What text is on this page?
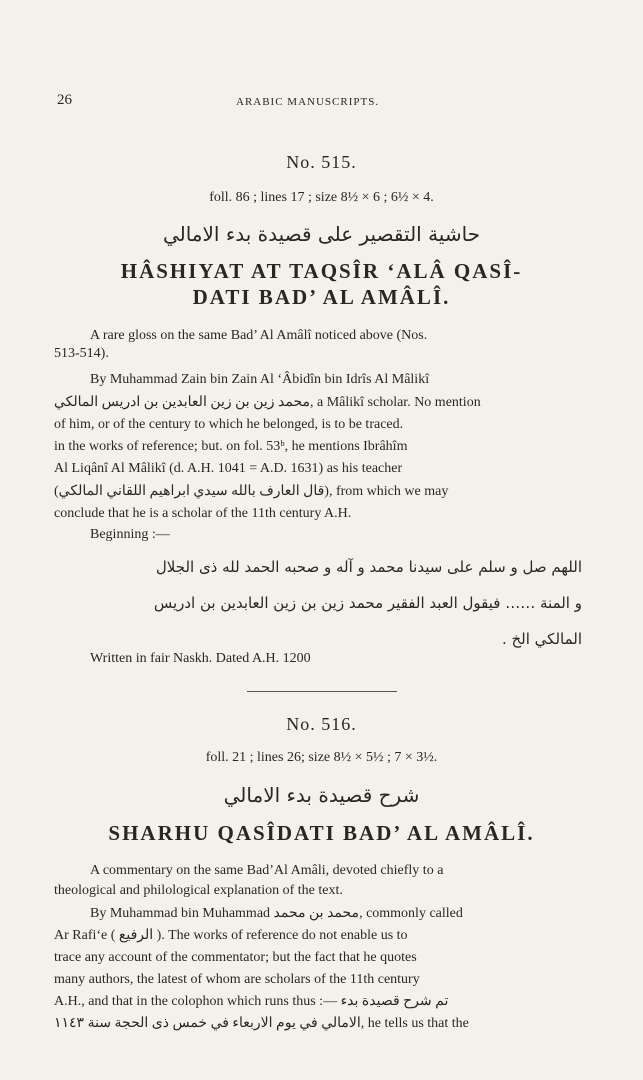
26	ARABIC MANUSCRIPTS.
No. 515.
foll. 86 ; lines 17 ; size 8½ × 6 ; 6½ × 4.
حاشية التقصير على قصيدة بدء الامالي
HÂSHIYAT AT TAQSÎR ‘ALÂ QASÎ-
DATI BAD’ AL AMÂLÎ.
A rare gloss on the same Bad’ Al Amâlî noticed above (Nos.
513-514).
By Muhammad Zain bin Zain Al ‘Âbidîn bin Idrîs Al Mâlikî
محمد زين بن زين العابدين بن ادريس المالكي, a Mâlikî scholar. No mention
of him, or of the century to which he belonged, is to be traced.
in the works of reference; but. on fol. 53ᵇ, he mentions Ibrâhîm
Al Liqânî Al Mâlikî (d. A.H. 1041 = A.D. 1631) as his teacher
(قال العارف بالله سيدي ابراهيم اللقاني المالكي), from which we may
conclude that he is a scholar of the 11th century A.H.
Beginning :—
اللهم صل و سلم على سيدنا محمد و آله و صحبه الحمد لله ذى الجلال
و المنة …… فيقول العبد الفقير محمد زين بن زين العابدين بن ادريس
المالكي الخ .
Written in fair Naskh. Dated A.H. 1200
No. 516.
foll. 21 ; lines 26; size 8½ × 5½ ; 7 × 3½.
شرح قصيدة بدء الامالي
SHARHU QASÎDATI BAD’ AL AMÂLÎ.
A commentary on the same Bad’Al Amâli, devoted chiefly to a
theological and philological explanation of the text.
By Muhammad bin Muhammad محمد بن محمد, commonly called
Ar Rafi‘e ( الرفيع ). The works of reference do not enable us to
trace any account of the commentator; but the fact that he quotes
many authors, the latest of whom are scholars of the 11th century
A.H., and that in the colophon which runs thus :— تم شرح قصيدة بدء
الامالي في يوم الاربعاء في خمس ذى الحجة سنة ١١٤٣, he tells us that the
